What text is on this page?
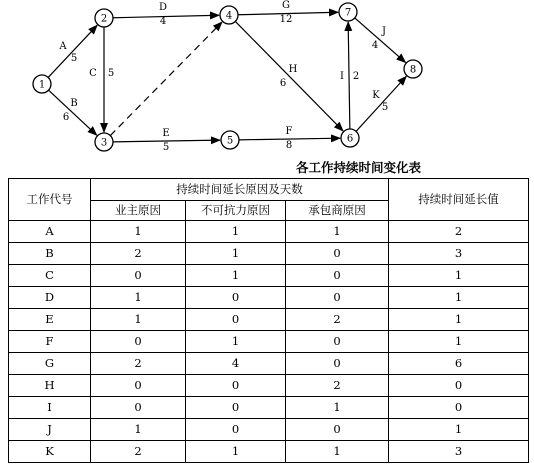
A
5
B
6
C 5
D
4
E
5
F
8
G
12
H
6
I 2
J
4
K
5
1
2
3
4
5	6
7
8
各工作持续时间变化表
工作代号	持续时间延长原因及天数			持续时间延长值
	业主原因	不可抗力原因	承包商原因	
A	1	1	1	2
B	2	1	0	3
C	0	1	0	1
D	1	0	0	1
E	1	0	2	1
F	0	1	0	1
G	2	4	0	6
H	0	0	2	0
I	0	0	1	0
J	1	0	0	1
K	2	1	1	3
